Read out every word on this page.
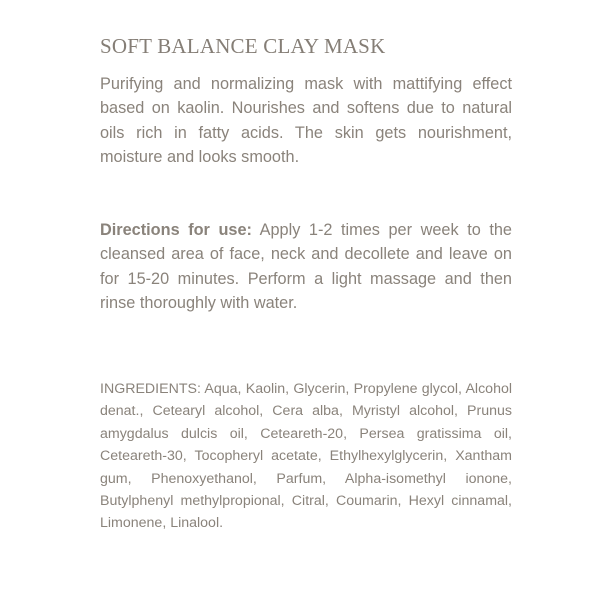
SOFT BALANCE CLAY MASK
Purifying and normalizing mask with mattifying effect based on kaolin. Nourishes and softens due to natural oils rich in fatty acids. The skin gets nourishment, moisture and looks smooth.
Directions for use: Apply 1-2 times per week to the cleansed area of face, neck and decollete and leave on for 15-20 minutes. Perform a light massage and then rinse thoroughly with water.
INGREDIENTS: Aqua, Kaolin, Glycerin, Propylene glycol, Alcohol denat., Cetearyl alcohol, Cera alba, Myristyl alcohol, Prunus amygdalus dulcis oil, Ceteareth-20, Persea gratissima oil, Ceteareth-30, Tocopheryl acetate, Ethylhexylglycerin, Xantham gum, Phenoxyethanol, Parfum, Alpha-isomethyl ionone, Butylphenyl methylpropional, Citral, Coumarin, Hexyl cinnamal, Limonene, Linalool.
